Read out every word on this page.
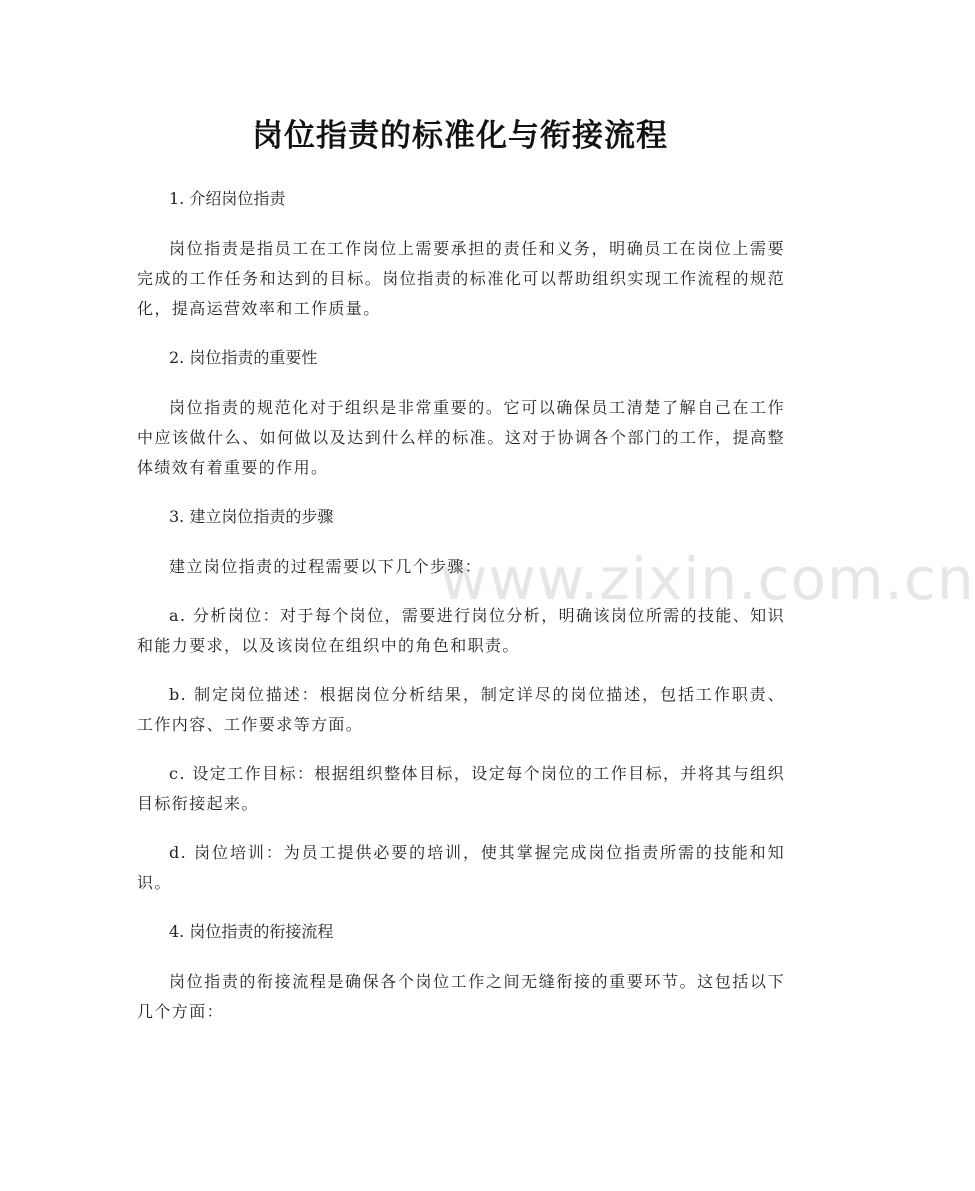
岗位指责的标准化与衔接流程
www.zixin.com.cn

1. 介绍岗位指责

岗位指责是指员工在工作岗位上需要承担的责任和义务，明确员工在岗位上需要完成的工作任务和达到的目标。岗位指责的标准化可以帮助组织实现工作流程的规范化，提高运营效率和工作质量。

2. 岗位指责的重要性

岗位指责的规范化对于组织是非常重要的。它可以确保员工清楚了解自己在工作中应该做什么、如何做以及达到什么样的标准。这对于协调各个部门的工作，提高整体绩效有着重要的作用。

3. 建立岗位指责的步骤

建立岗位指责的过程需要以下几个步骤：

a. 分析岗位：对于每个岗位，需要进行岗位分析，明确该岗位所需的技能、知识和能力要求，以及该岗位在组织中的角色和职责。

b. 制定岗位描述：根据岗位分析结果，制定详尽的岗位描述，包括工作职责、工作内容、工作要求等方面。

c. 设定工作目标：根据组织整体目标，设定每个岗位的工作目标，并将其与组织目标衔接起来。

d. 岗位培训：为员工提供必要的培训，使其掌握完成岗位指责所需的技能和知识。

4. 岗位指责的衔接流程

岗位指责的衔接流程是确保各个岗位工作之间无缝衔接的重要环节。这包括以下几个方面：
